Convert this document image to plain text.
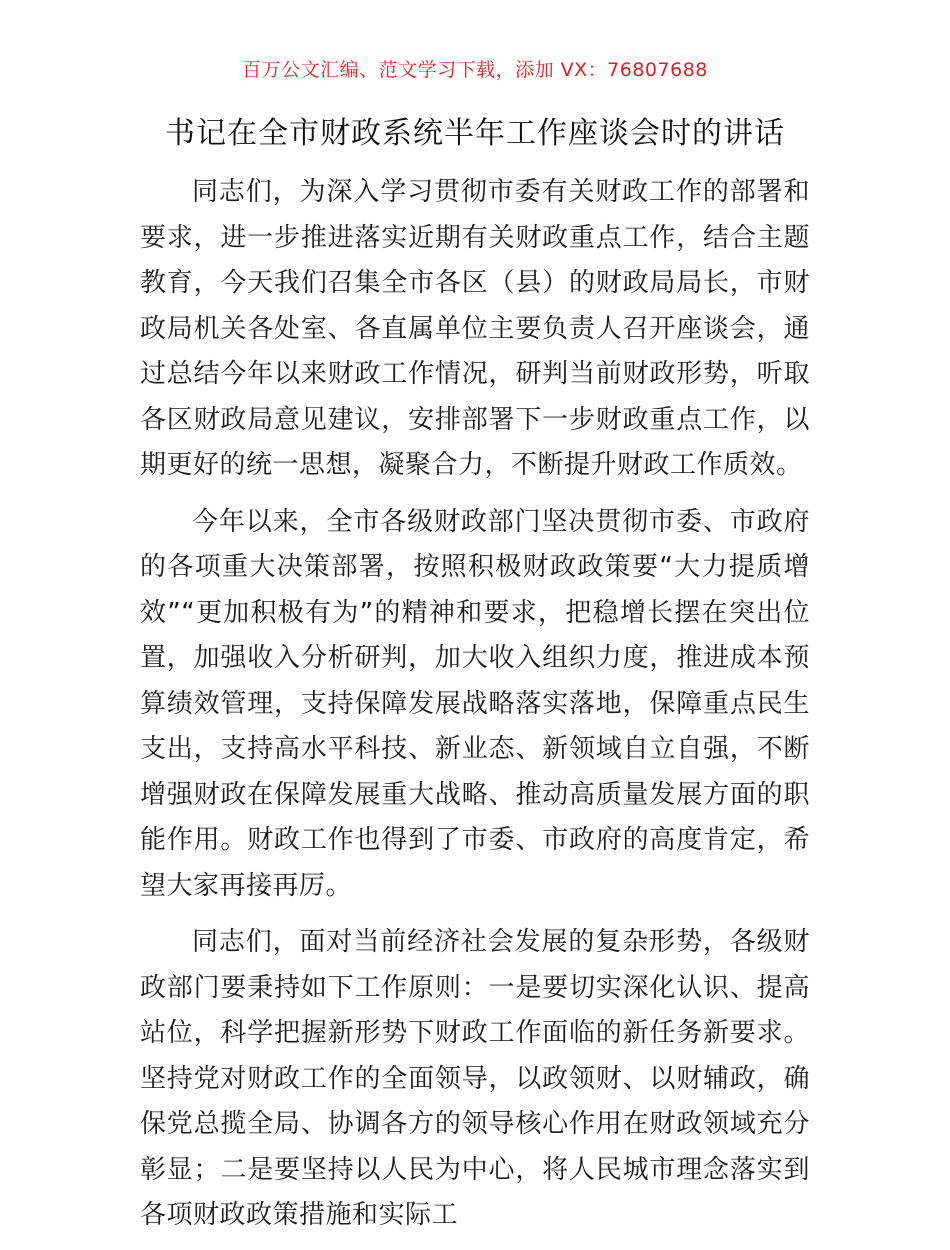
百万公文汇编、范文学习下载，添加 VX：76807688
书记在全市财政系统半年工作座谈会时的讲话

同志们，为深入学习贯彻市委有关财政工作的部署和要求，进一步推进落实近期有关财政重点工作，结合主题教育，今天我们召集全市各区（县）的财政局局长，市财政局机关各处室、各直属单位主要负责人召开座谈会，通过总结今年以来财政工作情况，研判当前财政形势，听取各区财政局意见建议，安排部署下一步财政重点工作，以期更好的统一思想，凝聚合力，不断提升财政工作质效。

今年以来，全市各级财政部门坚决贯彻市委、市政府的各项重大决策部署，按照积极财政政策要“大力提质增效”“更加积极有为”的精神和要求，把稳增长摆在突出位置，加强收入分析研判，加大收入组织力度，推进成本预算绩效管理，支持保障发展战略落实落地，保障重点民生支出，支持高水平科技、新业态、新领域自立自强，不断增强财政在保障发展重大战略、推动高质量发展方面的职能作用。财政工作也得到了市委、市政府的高度肯定，希望大家再接再厉。

同志们，面对当前经济社会发展的复杂形势，各级财政部门要秉持如下工作原则：一是要切实深化认识、提高站位，科学把握新形势下财政工作面临的新任务新要求。坚持党对财政工作的全面领导，以政领财、以财辅政，确保党总揽全局、协调各方的领导核心作用在财政领域充分彰显；二是要坚持以人民为中心，将人民城市理念落实到各项财政政策措施和实际工
